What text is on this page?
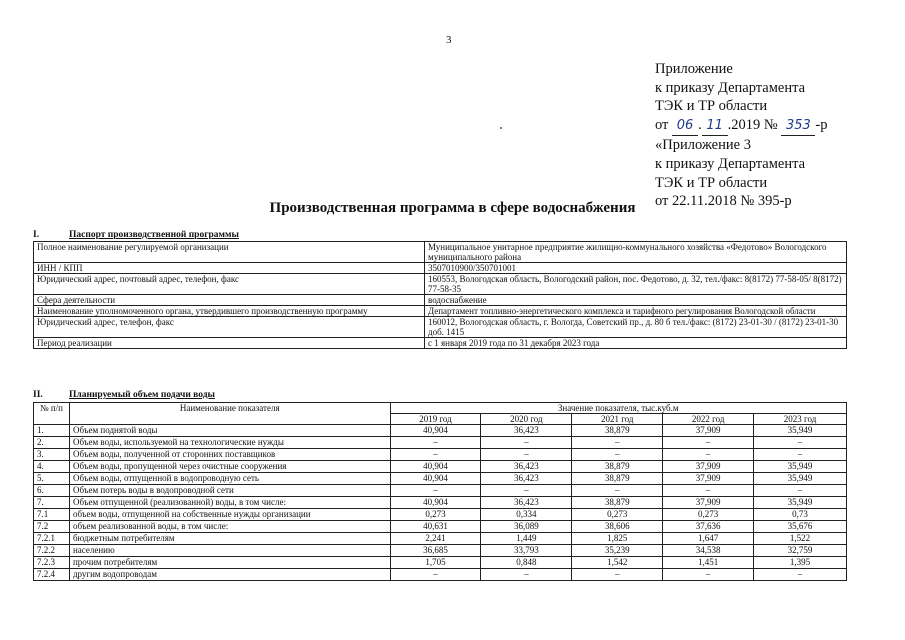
3
Приложение
к приказу Департамента
ТЭК и ТР области
от 06 . 11 .2019 № 353 -р
«Приложение 3
к приказу Департамента
ТЭК и ТР области
от 22.11.2018 № 395-р
Производственная программа в сфере водоснабжения
I.	Паспорт производственной программы
Полное наименование регулируемой организации	Муниципальное унитарное предприятие жилищно-коммунального хозяйства «Федотово» Вологодского муниципального района
ИНН / КПП	3507010900/350701001
Юридический адрес, почтовый адрес, телефон, факс	160553, Вологодская область, Вологодский район, пос. Федотово, д. 32, тел./факс: 8(8172) 77-58-05/ 8(8172) 77-58-35
Сфера деятельности	водоснабжение
Наименование уполномоченного органа, утвердившего производственную программу	Департамент топливно-энергетического комплекса и тарифного регулирования Вологодской области
Юридический адрес, телефон, факс	160012, Вологодская область, г. Вологда, Советский пр., д. 80 б тел./факс: (8172) 23-01-30 / (8172) 23-01-30 доб. 1415
Период реализации	с 1 января 2019 года по 31 декабря 2023 года
II.	Планируемый объем подачи воды
№ п/п	Наименование показателя	Значение показателя, тыс.куб.м				
		2019 год	2020 год	2021 год	2022 год	2023 год
1.	Объем поднятой воды	40,904	36,423	38,879	37,909	35,949
2.	Объем воды, используемой на технологические нужды	–	–	–	–	–
3.	Объем воды, полученной от сторонних поставщиков	–	–	–	–	–
4.	Объем воды, пропущенной через очистные сооружения	40,904	36,423	38,879	37,909	35,949
5.	Объем воды, отпущенной в водопроводную сеть	40,904	36,423	38,879	37,909	35,949
6.	Объем потерь воды в водопроводной сети	–	–	–	–	–
7.	Объем отпущенной (реализованной) воды, в том числе:	40,904	36,423	38,879	37,909	35,949
7.1	объем воды, отпущенной на собственные нужды организации	0,273	0,334	0,273	0,273	0,73
7.2	объем реализованной воды, в том числе:	40,631	36,089	38,606	37,636	35,676
7.2.1	бюджетным потребителям	2,241	1,449	1,825	1,647	1,522
7.2.2	населению	36,685	33,793	35,239	34,538	32,759
7.2.3	прочим потребителям	1,705	0,848	1,542	1,451	1,395
7.2.4	другим водопроводам	–	–	–	–	–
